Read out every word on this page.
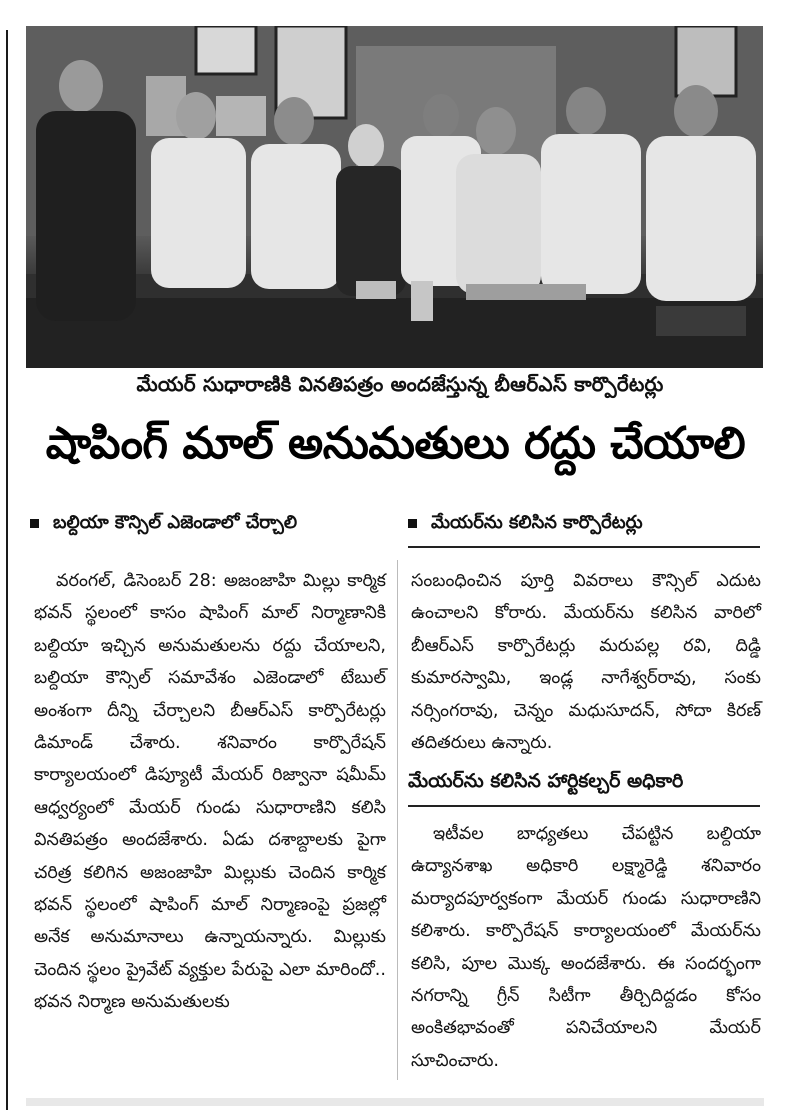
మేయర్ సుధారాణికి వినతిపత్రం అందజేస్తున్న బీఆర్ఎస్ కార్పొరేటర్లు
షాపింగ్ మాల్ అనుమతులు రద్దు చేయాలి
బల్దియా కౌన్సిల్ ఎజెండాలో చేర్చాలి	మేయర్‌ను కలిసిన కార్పొరేటర్లు

వరంగల్, డిసెంబర్ 28: అజంజాహి మిల్లు కార్మిక భవన్ స్థలంలో కాసం షాపింగ్ మాల్ నిర్మాణానికి బల్దియా ఇచ్చిన అనుమతులను రద్దు చేయాలని, బల్దియా కౌన్సిల్ సమావేశం ఎజెండాలో టేబుల్ అంశంగా దీన్ని చేర్చాలని బీఆర్ఎస్ కార్పొరేటర్లు డిమాండ్ చేశారు. శనివారం కార్పొరేషన్ కార్యాలయంలో డిప్యూటీ మేయర్ రిజ్వానా షమీమ్ ఆధ్వర్యంలో మేయర్ గుండు సుధారాణిని కలిసి వినతిపత్రం అందజేశారు. ఏడు దశాబ్దాలకు పైగా చరిత్ర కలిగిన అజంజాహి మిల్లుకు చెందిన కార్మిక భవన్ స్థలంలో షాపింగ్ మాల్ నిర్మాణంపై ప్రజల్లో అనేక అనుమానాలు ఉన్నాయన్నారు. మిల్లుకు చెందిన స్థలం ప్రైవేట్ వ్యక్తుల పేరుపై ఎలా మారిందో.. భవన నిర్మాణ అనుమతులకు

సంబంధించిన పూర్తి వివరాలు కౌన్సిల్ ఎదుట ఉంచాలని కోరారు. మేయర్‌ను కలిసిన వారిలో బీఆర్ఎస్ కార్పొరేటర్లు మరుపల్ల రవి, దిడ్డి కుమారస్వామి, ఇండ్ల నాగేశ్వర్‌రావు, సంకు నర్సింగరావు, చెన్నం మధుసూదన్, సోదా కిరణ్ తదితరులు ఉన్నారు.

మేయర్‌ను కలిసిన హార్టికల్చర్ అధికారి

ఇటీవల బాధ్యతలు చేపట్టిన బల్దియా ఉద్యానశాఖ అధికారి లక్ష్మారెడ్డి శనివారం మర్యాదపూర్వకంగా మేయర్ గుండు సుధారాణిని కలిశారు. కార్పొరేషన్ కార్యాలయంలో మేయర్‌ను కలిసి, పూల మొక్క అందజేశారు. ఈ సందర్భంగా నగరాన్ని గ్రీన్ సిటీగా తీర్చిదిద్దడం కోసం అంకితభావంతో పనిచేయాలని మేయర్ సూచించారు.
